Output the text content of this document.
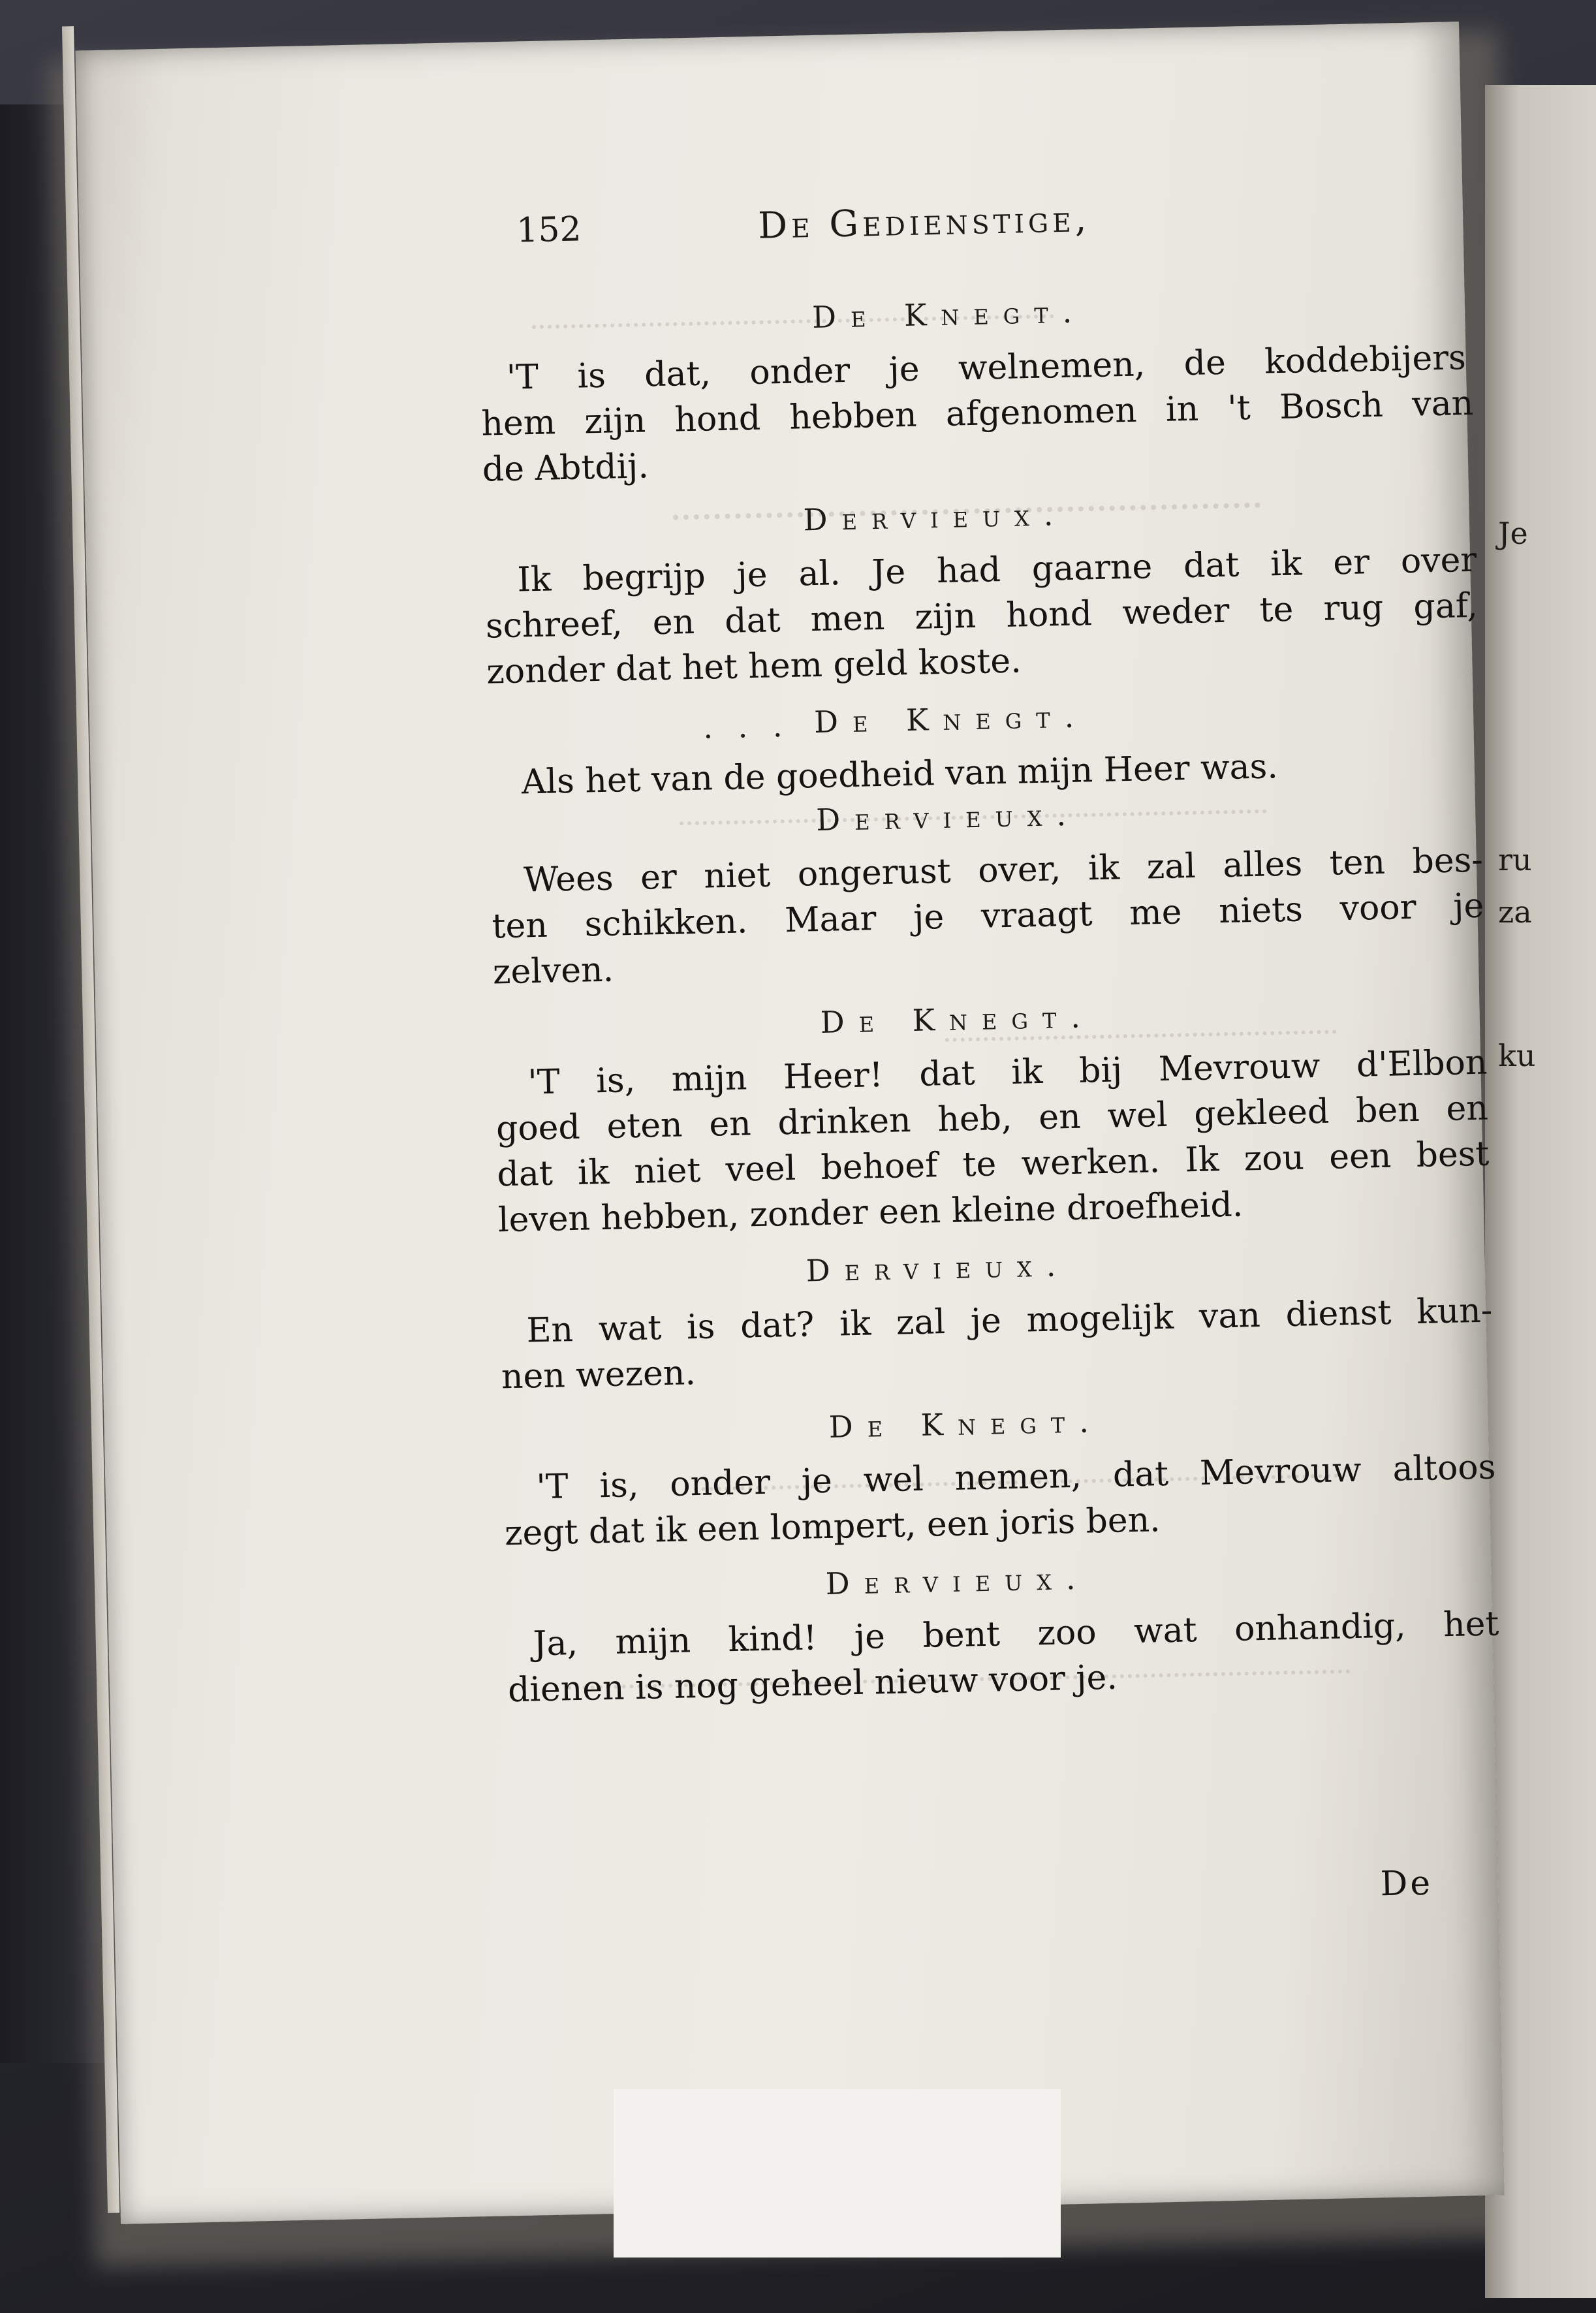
Je
ru
za
ku
152	De Gedienstige,
De Knegt.
'T is dat, onder je welnemen, de koddebijers
hem zijn hond hebben afgenomen in 't Bosch van
de Abtdij.
Dervieux.
Ik begrijp je al. Je had gaarne dat ik er over
schreef, en dat men zijn hond weder te rug gaf,
zonder dat het hem geld koste.
. . . De Knegt.
Als het van de goedheid van mijn Heer was.
Dervieux.
Wees er niet ongerust over, ik zal alles ten bes-
ten schikken. Maar je vraagt me niets voor je
zelven.
De Knegt.
'T is, mijn Heer! dat ik bij Mevrouw d'Elbon
goed eten en drinken heb, en wel gekleed ben en
dat ik niet veel behoef te werken. Ik zou een best
leven hebben, zonder een kleine droefheid.
Dervieux.
En wat is dat? ik zal je mogelijk van dienst kun-
nen wezen.
De Knegt.
'T is, onder je wel nemen, dat Mevrouw altoos
zegt dat ik een lompert, een joris ben.
Dervieux.
Ja, mijn kind! je bent zoo wat onhandig, het
dienen is nog geheel nieuw voor je.
De
